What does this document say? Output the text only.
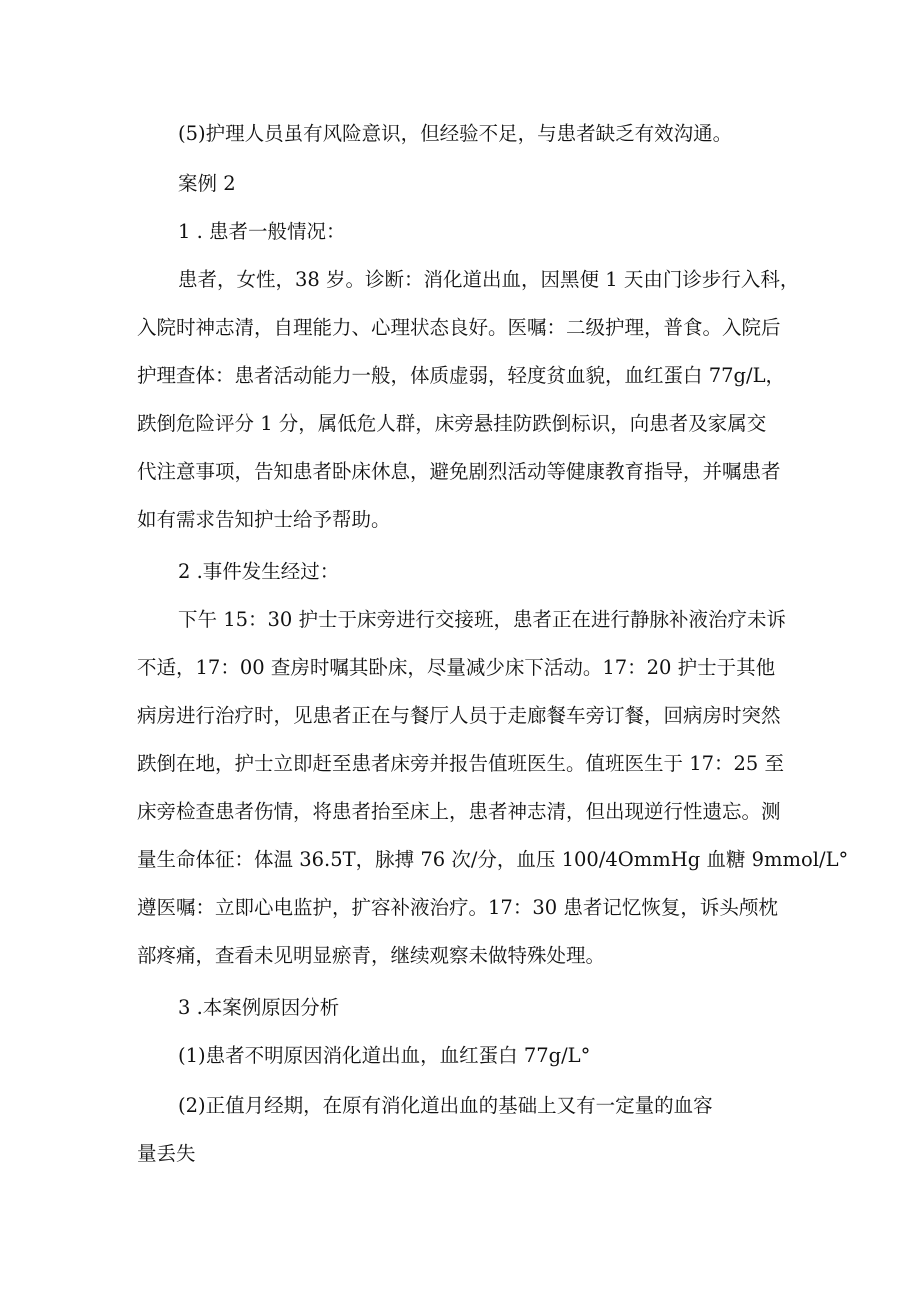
(5)护理人员虽有风险意识，但经验不足，与患者缺乏有效沟通。
案例 2
1 . 患者一般情况：
患者，女性，38 岁。诊断：消化道出血，因黑便 1 天由门诊步行入科，
入院时神志清，自理能力、心理状态良好。医嘱：二级护理，普食。入院后
护理查体：患者活动能力一般，体质虚弱，轻度贫血貌，血红蛋白 77g/L，
跌倒危险评分 1 分，属低危人群，床旁悬挂防跌倒标识，向患者及家属交
代注意事项，告知患者卧床休息，避免剧烈活动等健康教育指导，并嘱患者
如有需求告知护士给予帮助。
2 .事件发生经过：
下午 15：30 护士于床旁进行交接班，患者正在进行静脉补液治疗未诉
不适，17：00 查房时嘱其卧床，尽量减少床下活动。17：20 护士于其他
病房进行治疗时，见患者正在与餐厅人员于走廊餐车旁订餐，回病房时突然
跌倒在地，护士立即赶至患者床旁并报告值班医生。值班医生于 17：25 至
床旁检查患者伤情，将患者抬至床上，患者神志清，但出现逆行性遗忘。测
量生命体征：体温 36.5T，脉搏 76 次/分，血压 100/4OmmHg 血糖 9mmol/L°
遵医嘱：立即心电监护，扩容补液治疗。17：30 患者记忆恢复，诉头颅枕
部疼痛，查看未见明显瘀青，继续观察未做特殊处理。
3 .本案例原因分析
(1)患者不明原因消化道出血，血红蛋白 77g/L°
(2)正值月经期，在原有消化道出血的基础上又有一定量的血容
量丢失
